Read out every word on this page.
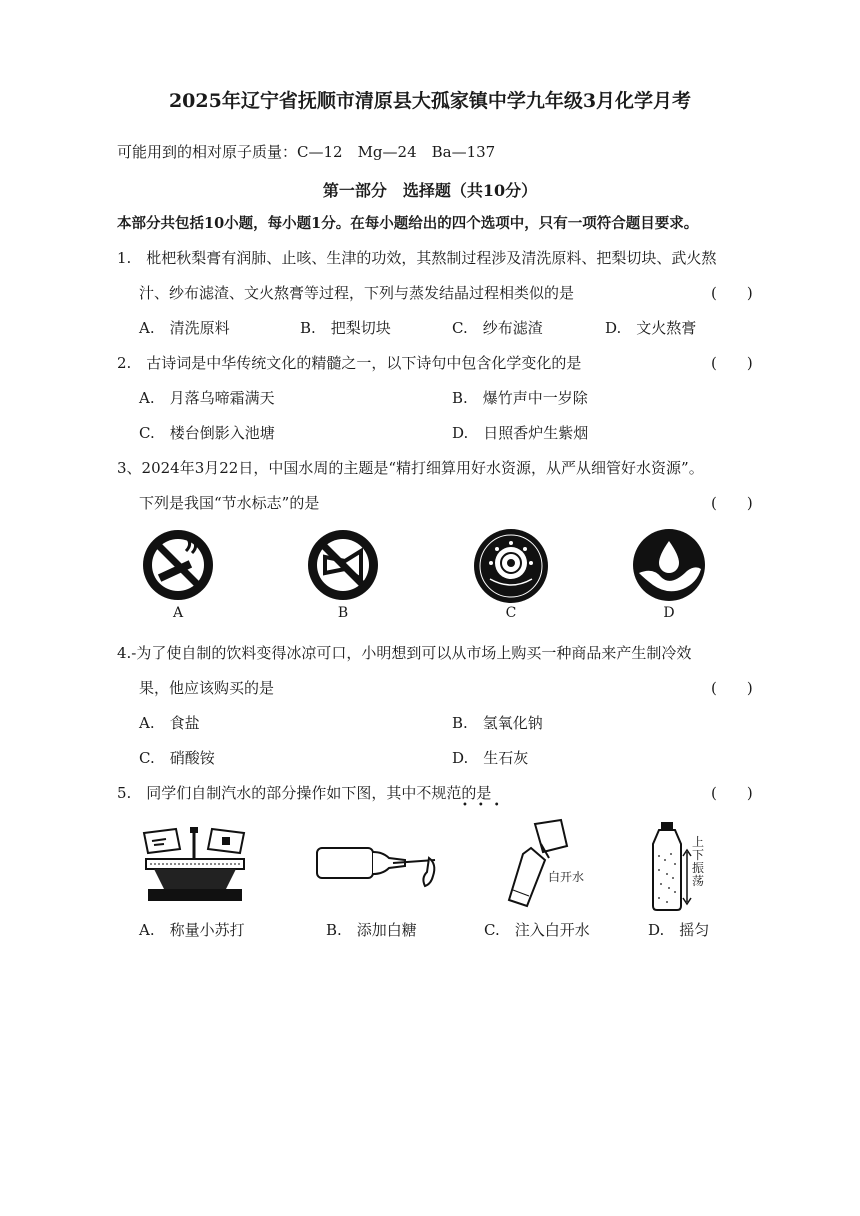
2025年辽宁省抚顺市清原县大孤家镇中学九年级3月化学月考
可能用到的相对原子质量：C—12　Mg—24　Ba—137
第一部分　选择题（共10分）
本部分共包括10小题，每小题1分。在每小题给出的四个选项中，只有一项符合题目要求。
1.　枇杷秋梨膏有润肺、止咳、生津的功效，其熬制过程涉及清洗原料、把梨切块、武火熬
汁、纱布滤渣、文火熬膏等过程，下列与蒸发结晶过程相类似的是	(　　)
A.　清洗原料	B.　把梨切块	C.　纱布滤渣	D.　文火熬膏
2.　古诗词是中华传统文化的精髓之一，以下诗句中包含化学变化的是	(　　)
A.　月落乌啼霜满天	B.　爆竹声中一岁除
C.　楼台倒影入池塘	D.　日照香炉生紫烟
3、2024年3月22日，中国水周的主题是“精打细算用好水资源，从严从细管好水资源”。
下列是我国“节水标志”的是	(　　)
A	B	C	D
4.-为了使自制的饮料变得冰凉可口，小明想到可以从市场上购买一种商品来产生制冷效
果，他应该购买的是	(　　)
A.　食盐	B.　氢氧化钠
C.　硝酸铵	D.　生石灰
5.　同学们自制汽水的部分操作如下图，其中不规范的是
•••
(　　)
白开水
上下振荡
A.　称量小苏打	B.　添加白糖	C.　注入白开水	D.　摇匀
